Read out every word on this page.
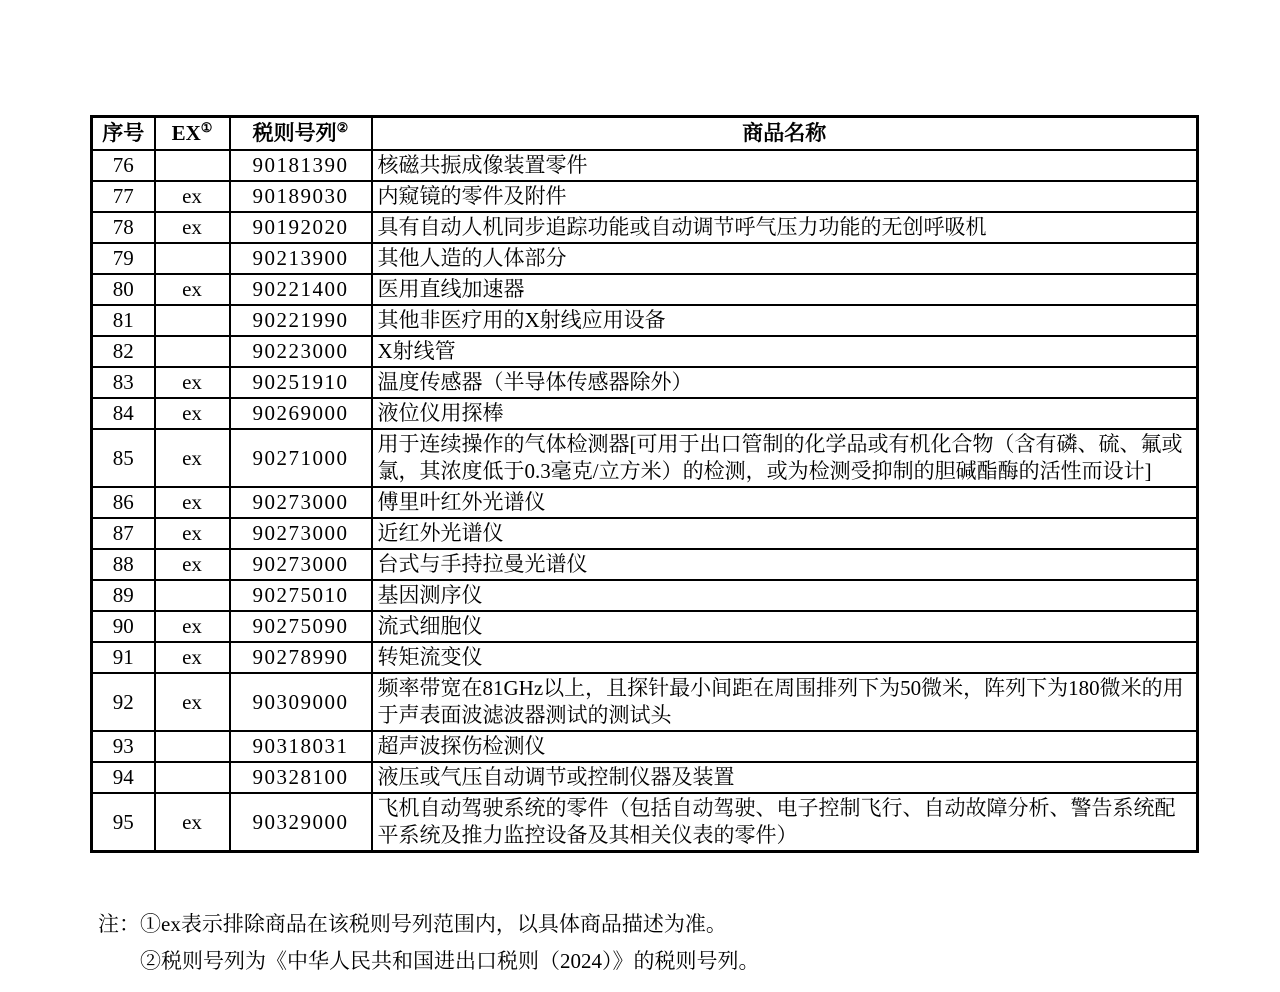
序号	EX①	税则号列②	商品名称
76		90181390	核磁共振成像装置零件
77	ex	90189030	内窥镜的零件及附件
78	ex	90192020	具有自动人机同步追踪功能或自动调节呼气压力功能的无创呼吸机
79		90213900	其他人造的人体部分
80	ex	90221400	医用直线加速器
81		90221990	其他非医疗用的X射线应用设备
82		90223000	X射线管
83	ex	90251910	温度传感器（半导体传感器除外）
84	ex	90269000	液位仪用探棒
85	ex	90271000	用于连续操作的气体检测器[可用于出口管制的化学品或有机化合物（含有磷、硫、氟或氯，其浓度低于0.3毫克/立方米）的检测，或为检测受抑制的胆碱酯酶的活性而设计]
86	ex	90273000	傅里叶红外光谱仪
87	ex	90273000	近红外光谱仪
88	ex	90273000	台式与手持拉曼光谱仪
89		90275010	基因测序仪
90	ex	90275090	流式细胞仪
91	ex	90278990	转矩流变仪
92	ex	90309000	频率带宽在81GHz以上，且探针最小间距在周围排列下为50微米，阵列下为180微米的用于声表面波滤波器测试的测试头
93		90318031	超声波探伤检测仪
94		90328100	液压或气压自动调节或控制仪器及装置
95	ex	90329000	飞机自动驾驶系统的零件（包括自动驾驶、电子控制飞行、自动故障分析、警告系统配平系统及推力监控设备及其相关仪表的零件）
注：①ex表示排除商品在该税则号列范围内，以具体商品描述为准。
②税则号列为《中华人民共和国进出口税则（2024）》的税则号列。
